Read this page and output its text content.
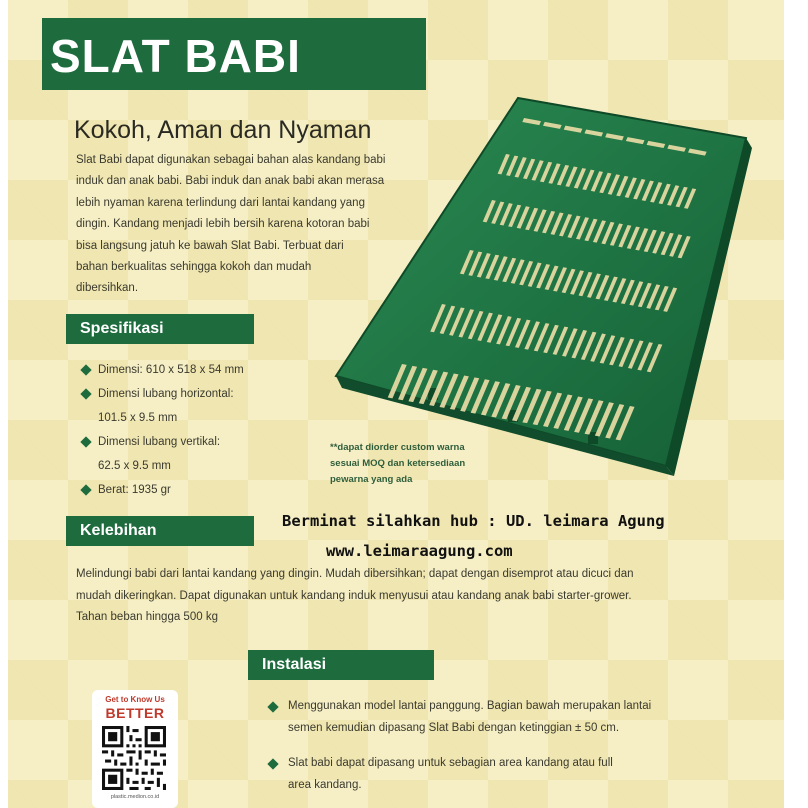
SLAT BABI
Kokoh, Aman dan Nyaman
Slat Babi dapat digunakan sebagai bahan alas kandang babi
induk dan anak babi. Babi induk dan anak babi akan merasa
lebih nyaman karena terlindung dari lantai kandang yang
dingin. Kandang menjadi lebih bersih karena kotoran babi
bisa langsung jatuh ke bawah Slat Babi. Terbuat dari
bahan berkualitas sehingga kokoh dan mudah
dibersihkan.
Spesifikasi
Dimensi: 610 x 518 x 54 mm
Dimensi lubang horizontal:
101.5 x 9.5 mm
Dimensi lubang vertikal:
62.5 x 9.5 mm
Berat: 1935 gr
**dapat diorder custom warna
sesuai MOQ dan ketersediaan
pewarna yang ada
Kelebihan
Berminat silahkan hub : UD. leimara Agung
www.leimaraagung.com
Melindungi babi dari lantai kandang yang dingin. Mudah dibersihkan; dapat dengan disemprot atau dicuci dan
mudah dikeringkan. Dapat digunakan untuk kandang induk menyusui atau kandang anak babi starter-grower.
Tahan beban hingga 500 kg
Instalasi
Menggunakan model lantai panggung. Bagian bawah merupakan lantai
semen kemudian dipasang Slat Babi dengan ketinggian ± 50 cm.
Slat babi dapat dipasang untuk sebagian area kandang atau full
area kandang.
Get to Know Us
BETTER
plastic.medion.co.id
